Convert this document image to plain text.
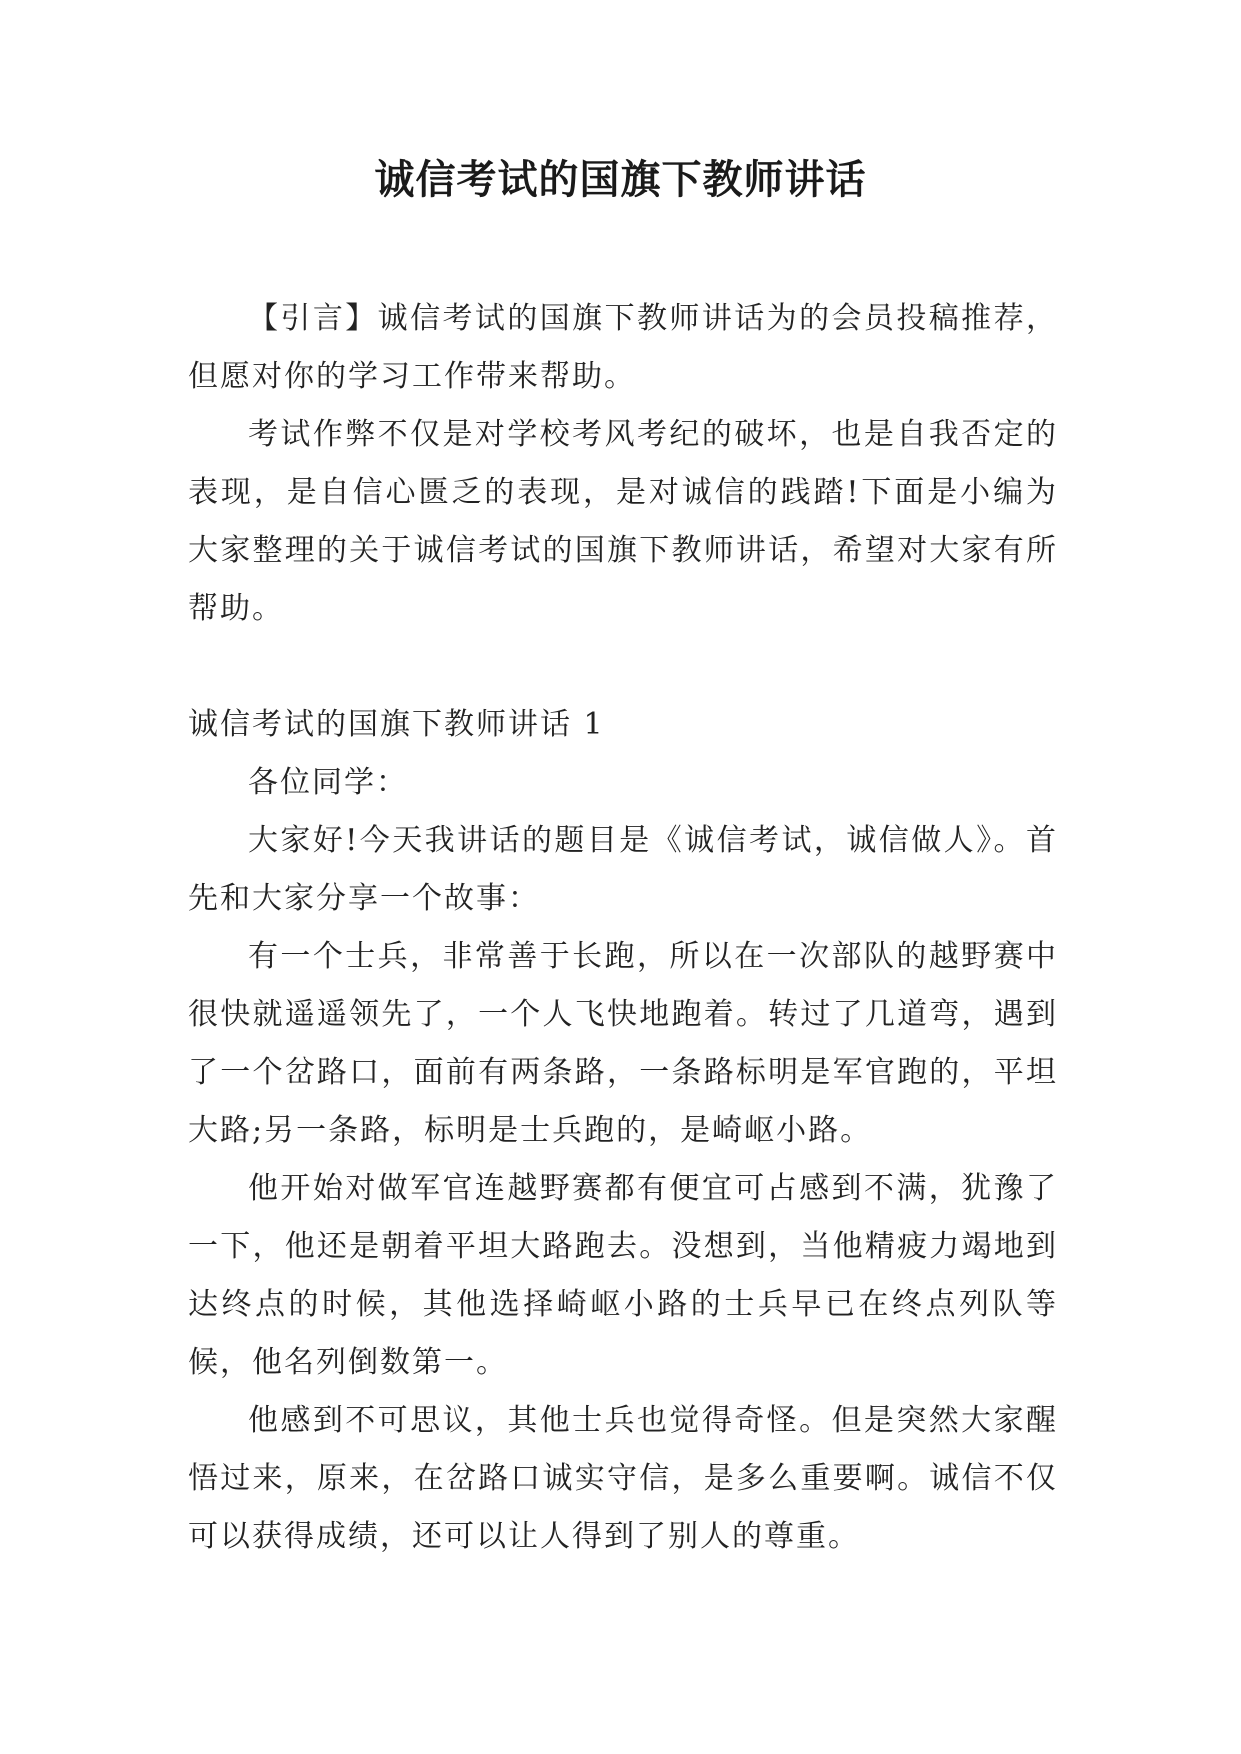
诚信考试的国旗下教师讲话

【引言】诚信考试的国旗下教师讲话为的会员投稿推荐，但愿对你的学习工作带来帮助。

考试作弊不仅是对学校考风考纪的破坏，也是自我否定的表现，是自信心匮乏的表现，是对诚信的践踏!下面是小编为大家整理的关于诚信考试的国旗下教师讲话，希望对大家有所帮助。

诚信考试的国旗下教师讲话 1

各位同学：

大家好!今天我讲话的题目是《诚信考试，诚信做人》。首先和大家分享一个故事：

有一个士兵，非常善于长跑，所以在一次部队的越野赛中很快就遥遥领先了，一个人飞快地跑着。转过了几道弯，遇到了一个岔路口，面前有两条路，一条路标明是军官跑的，平坦大路;另一条路，标明是士兵跑的，是崎岖小路。

他开始对做军官连越野赛都有便宜可占感到不满，犹豫了一下，他还是朝着平坦大路跑去。没想到，当他精疲力竭地到达终点的时候，其他选择崎岖小路的士兵早已在终点列队等候，他名列倒数第一。

他感到不可思议，其他士兵也觉得奇怪。但是突然大家醒悟过来，原来，在岔路口诚实守信，是多么重要啊。诚信不仅可以获得成绩，还可以让人得到了别人的尊重。
